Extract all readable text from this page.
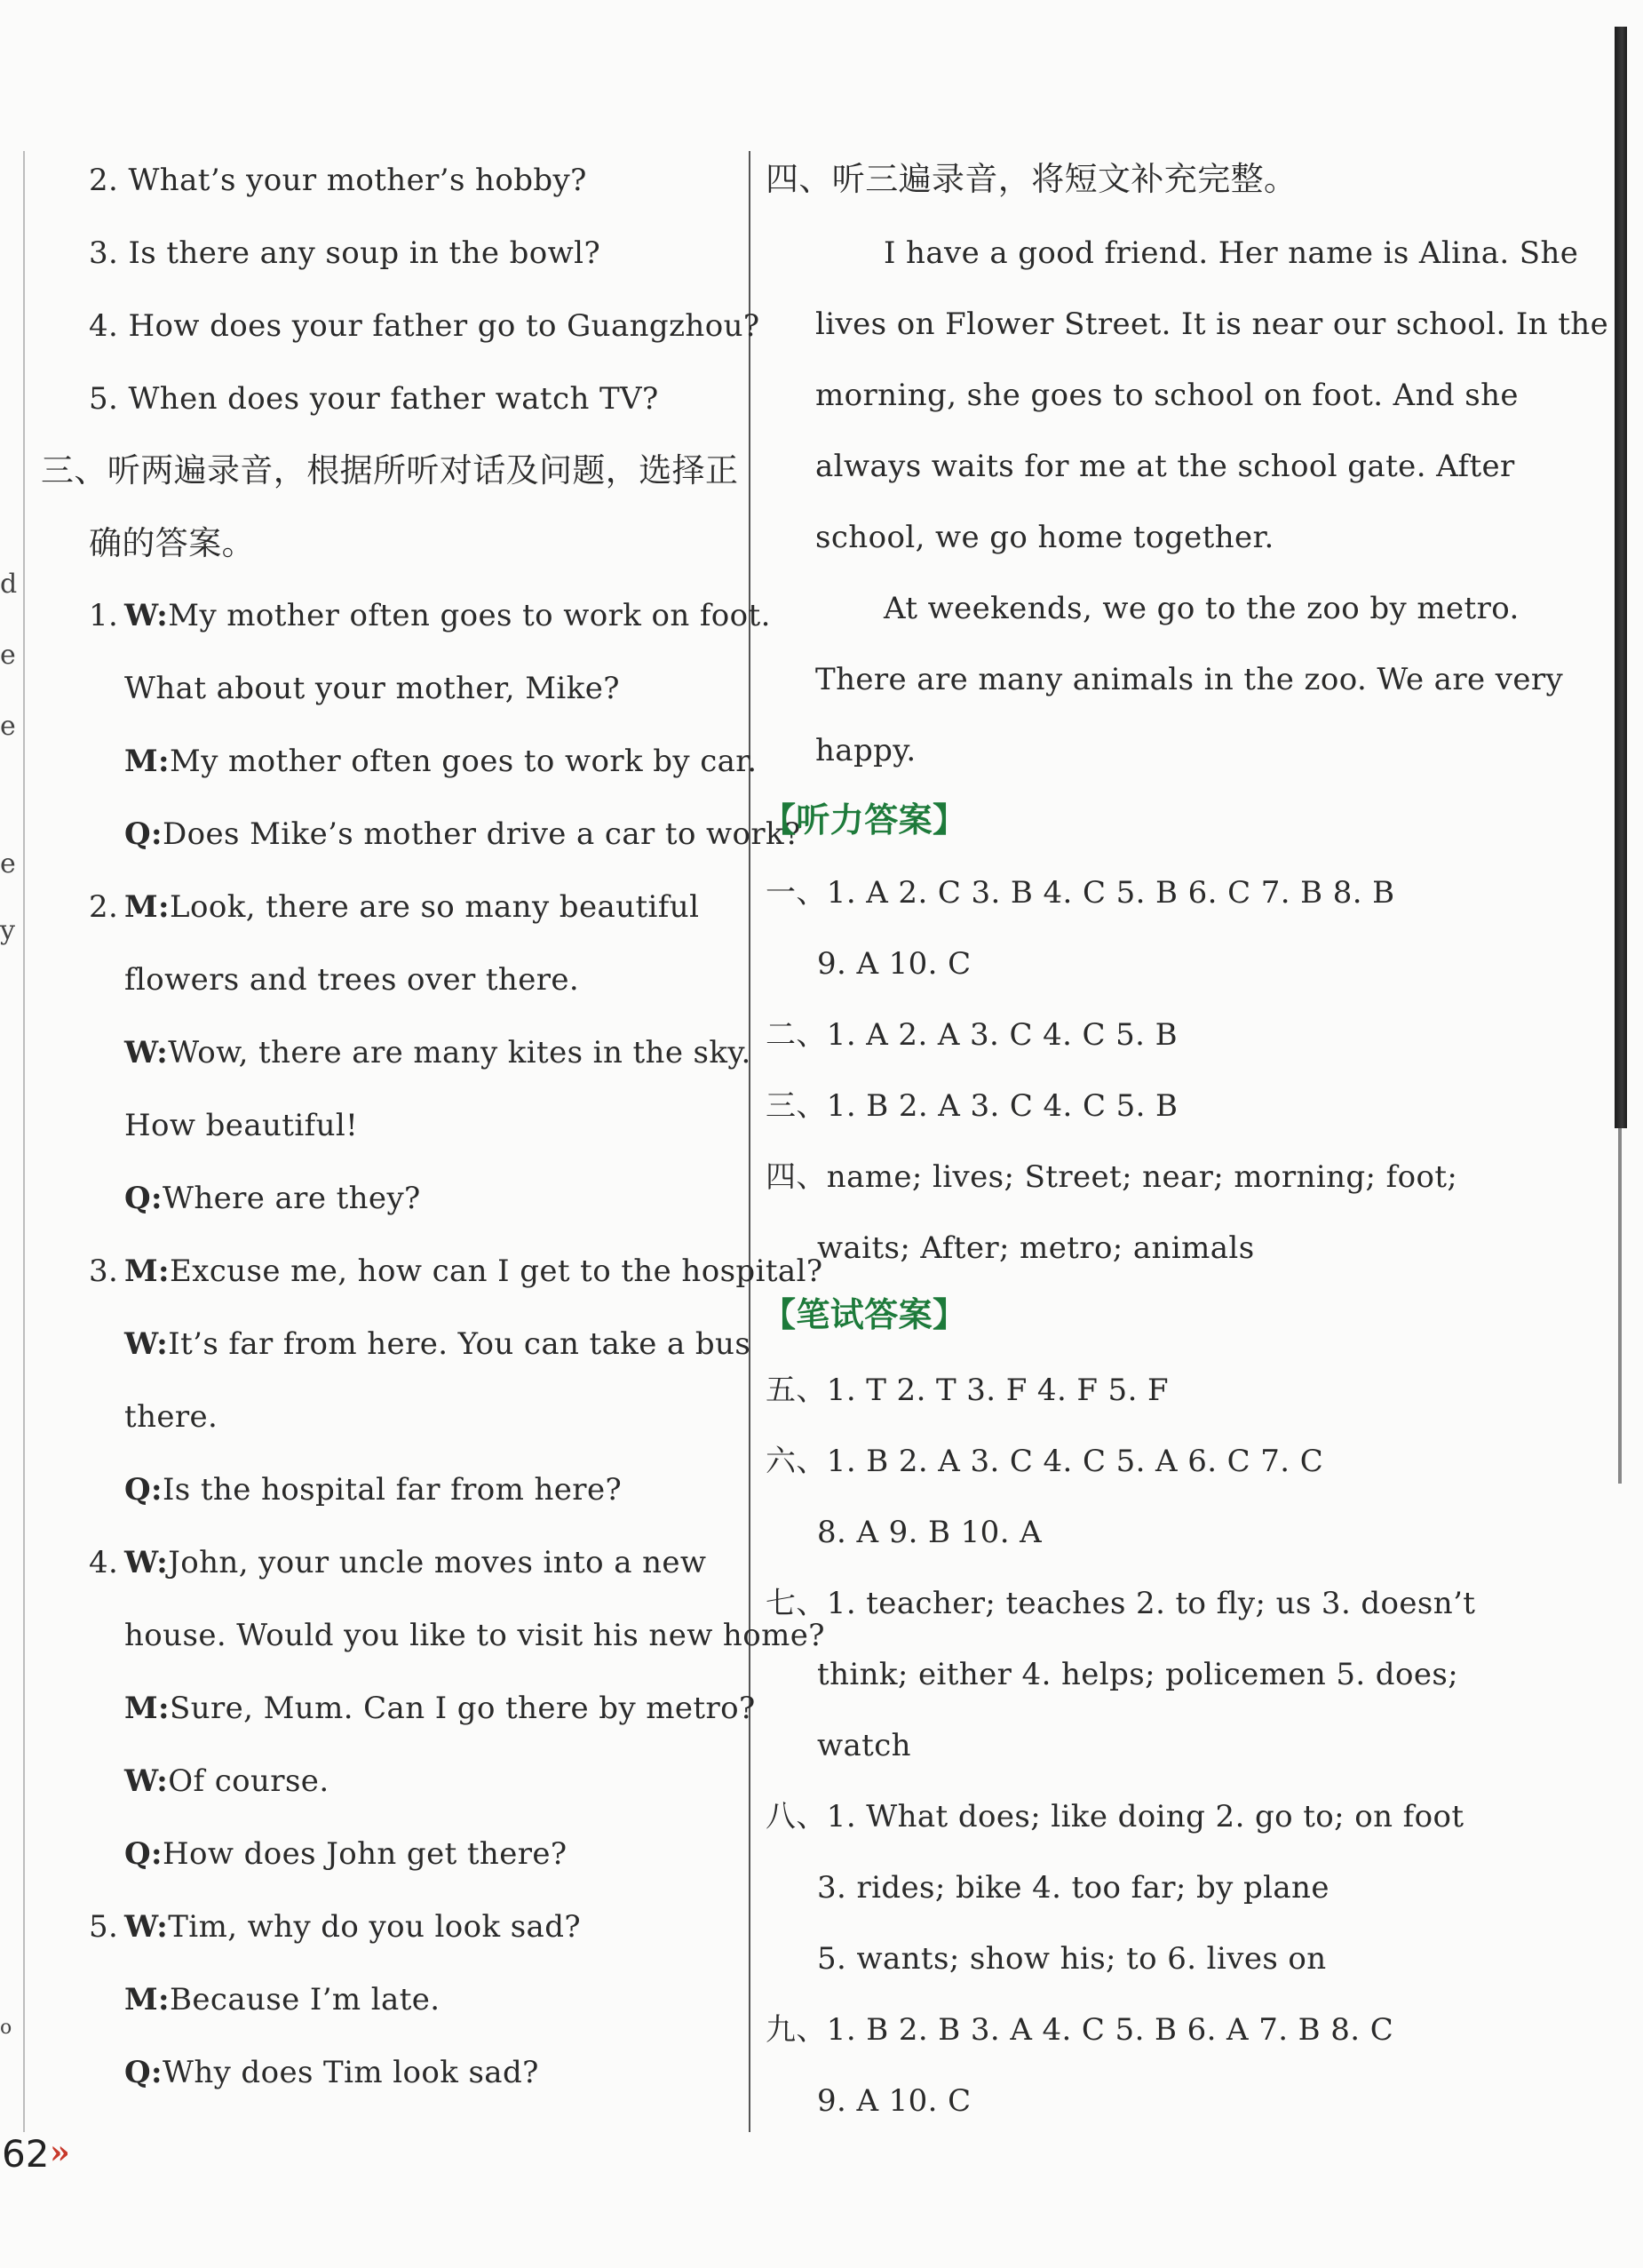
d
e
e
e
y
o
2. What’s your mother’s hobby?
3. Is there any soup in the bowl?
4. How does your father go to Guangzhou?
5. When does your father watch TV?
三、听两遍录音，根据所听对话及问题，选择正
确的答案。
1. W:My mother often goes to work on foot.
What about your mother, Mike?
M:My mother often goes to work by car.
Q:Does Mike’s mother drive a car to work?
2. M:Look, there are so many beautiful
flowers and trees over there.
W:Wow, there are many kites in the sky.
How beautiful!
Q:Where are they?
3. M:Excuse me, how can I get to the hospital?
W:It’s far from here. You can take a bus
there.
Q:Is the hospital far from here?
4. W:John, your uncle moves into a new
house. Would you like to visit his new home?
M:Sure, Mum. Can I go there by metro?
W:Of course.
Q:How does John get there?
5. W:Tim, why do you look sad?
M:Because I’m late.
Q:Why does Tim look sad?
四、听三遍录音，将短文补充完整。
I have a good friend. Her name is Alina. She
lives on Flower Street. It is near our school. In the
morning, she goes to school on foot. And she
always waits for me at the school gate. After
school, we go home together.
At weekends, we go to the zoo by metro.
There are many animals in the zoo. We are very
happy.
【听力答案】
一、1. A 2. C 3. B 4. C 5. B 6. C 7. B 8. B
9. A 10. C
二、1. A 2. A 3. C 4. C 5. B
三、1. B 2. A 3. C 4. C 5. B
四、name; lives; Street; near; morning; foot;
waits; After; metro; animals
【笔试答案】
五、1. T 2. T 3. F 4. F 5. F
六、1. B 2. A 3. C 4. C 5. A 6. C 7. C
8. A 9. B 10. A
七、1. teacher; teaches 2. to fly; us 3. doesn’t
think; either 4. helps; policemen 5. does;
watch
八、1. What does; like doing 2. go to; on foot
3. rides; bike 4. too far; by plane
5. wants; show his; to 6. lives on
九、1. B 2. B 3. A 4. C 5. B 6. A 7. B 8. C
9. A 10. C
62 ››
